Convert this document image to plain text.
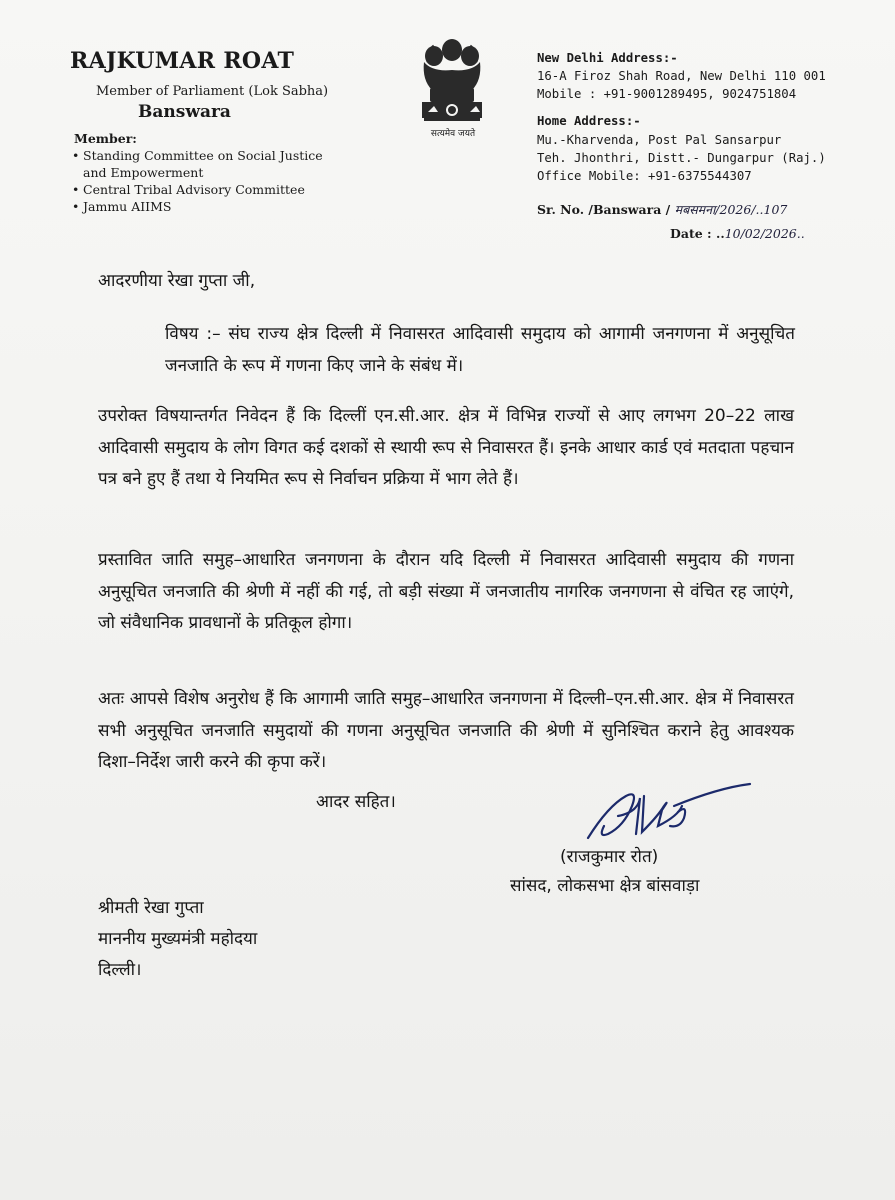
RAJKUMAR ROAT
Member of Parliament (Lok Sabha)
Banswara
Member:
• Standing Committee on Social Justice
and Empowerment
• Central Tribal Advisory Committee
• Jammu AIIMS
सत्यमेव जयते
New Delhi Address:-
16-A Firoz Shah Road, New Delhi 110 001
Mobile : +91-9001289495, 9024751804
Home Address:-
Mu.-Kharvenda, Post Pal Sansarpur
Teh. Jhonthri, Distt.- Dungarpur (Raj.)
Office Mobile: +91-6375544307
Sr. No. /Banswara / मबसमना/2026/..107
Date : ..10/02/2026..
आदरणीया रेखा गुप्ता जी,
विषय :– संघ राज्य क्षेत्र दिल्ली में निवासरत आदिवासी समुदाय को आगामी जनगणना में अनुसूचित जनजाति के रूप में गणना किए जाने के संबंध में।
उपरोक्त विषयान्तर्गत निवेदन हैं कि दिल्लीं एन.सी.आर. क्षेत्र में विभिन्न राज्यों से आए लगभग 20–22 लाख आदिवासी समुदाय के लोग विगत कई दशकों से स्थायी रूप से निवासरत हैं। इनके आधार कार्ड एवं मतदाता पहचान पत्र बने हुए हैं तथा ये नियमित रूप से निर्वाचन प्रक्रिया में भाग लेते हैं।
प्रस्तावित जाति समुह–आधारित जनगणना के दौरान यदि दिल्ली में निवासरत आदिवासी समुदाय की गणना अनुसूचित जनजाति की श्रेणी में नहीं की गई, तो बड़ी संख्या में जनजातीय नागरिक जनगणना से वंचित रह जाएंगे, जो संवैधानिक प्रावधानों के प्रतिकूल होगा।
अतः आपसे विशेष अनुरोध हैं कि आगामी जाति समुह–आधारित जनगणना में दिल्ली–एन.सी.आर. क्षेत्र में निवासरत सभी अनुसूचित जनजाति समुदायों की गणना अनुसूचित जनजाति की श्रेणी में सुनिश्चित कराने हेतु आवश्यक दिशा–निर्देश जारी करने की कृपा करें।
आदर सहित।
(राजकुमार रोत)
सांसद, लोकसभा क्षेत्र बांसवाड़ा
श्रीमती रेखा गुप्ता
माननीय मुख्यमंत्री महोदया
दिल्ली।
